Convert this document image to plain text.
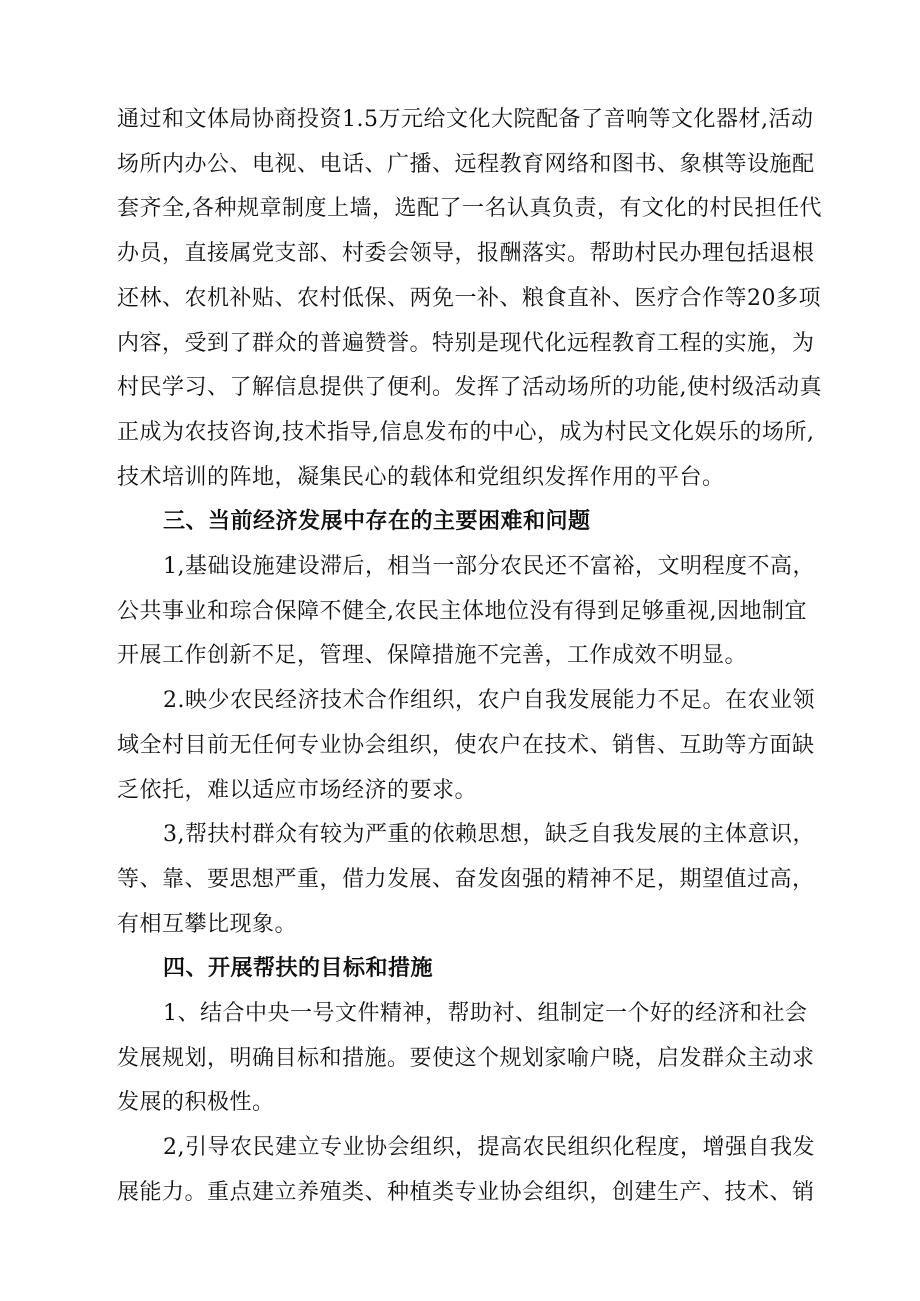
通过和文体局协商投资1.5万元给文化大院配备了音响等文化器材,活动
场所内办公、电视、电话、广播、远程教育网络和图书、象棋等设施配
套齐全,各种规章制度上墙，选配了一名认真负责，有文化的村民担任代
办员，直接属党支部、村委会领导，报酬落实。帮助村民办理包括退根
还林、农机补贴、农村低保、两免一补、粮食直补、医疗合作等20多项
内容，受到了群众的普遍赞誉。特别是现代化远程教育工程的实施，为
村民学习、了解信息提供了便利。发挥了活动场所的功能,使村级活动真
正成为农技咨询,技术指导,信息发布的中心，成为村民文化娱乐的场所,
技术培训的阵地，凝集民心的载体和党组织发挥作用的平台。

三、当前经济发展中存在的主要困难和问题

1,基础设施建设滞后，相当一部分农民还不富裕，文明程度不高，
公共事业和琮合保障不健全,农民主体地位没有得到足够重视,因地制宜
开展工作创新不足，管理、保障措施不完善，工作成效不明显。

2.映少农民经济技术合作组织，农户自我发展能力不足。在农业领
域全村目前无任何专业协会组织，使农户在技术、销售、互助等方面缺
乏依托，难以适应市场经济的要求。

3,帮扶村群众有较为严重的依赖思想，缺乏自我发展的主体意识，
等、靠、要思想严重，借力发展、奋发囱强的精神不足，期望值过高，
有相互攀比现象。

四、开展帮扶的目标和措施

1、结合中央一号文件精神，帮助衬、组制定一个好的经济和社会
发展规划，明确目标和措施。要使这个规划家喻户晓，启发群众主动求
发展的积极性。

2,引导农民建立专业协会组织，提高农民组织化程度，增强自我发
展能力。重点建立养殖类、种植类专业协会组织，创建生产、技术、销
